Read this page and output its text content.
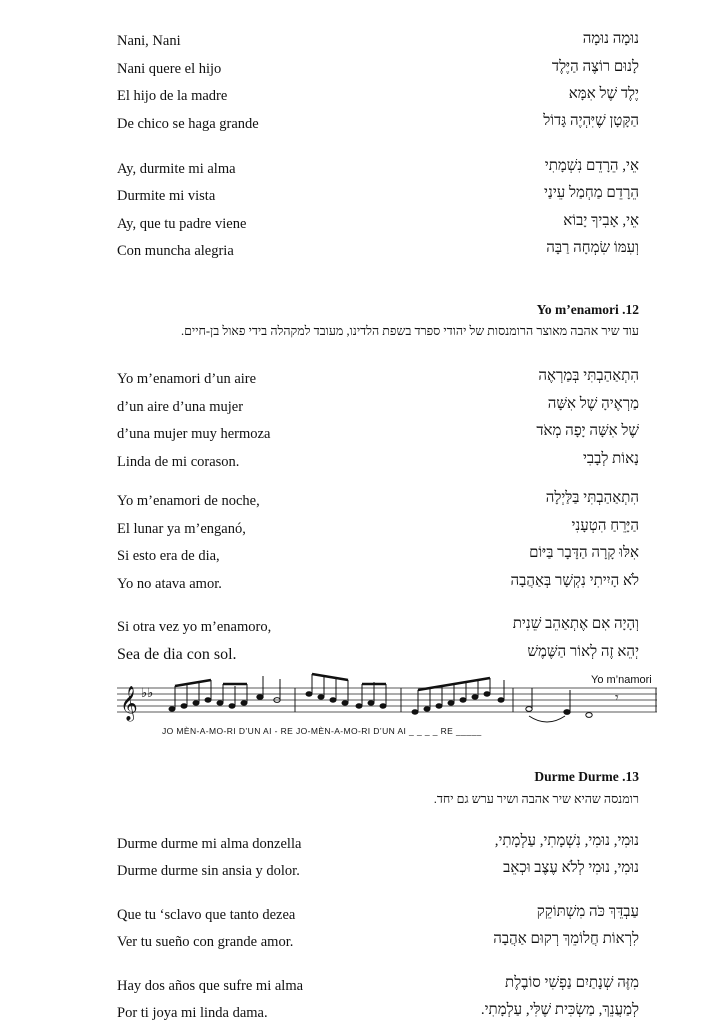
Nani, Nani	נוּמָה נוּמָה
Nani quere el hijo	לָנוּם רוֹצֶה הַיֶּלֶד
El hijo de la madre	יֶלֶד שֶׁל אִמָּא
De chico se haga grande	הַקָּטָן שֶׁיִּהְיֶה גָּדוֹל
Ay, durmite mi alma	אֵי, הֵרָדֵם נִשְׁמָתִי
Durmite mi vista	הֵרָדֵם מַחְמַל עֵינַי
Ay, que tu padre viene	אֵי, אָבִיךָ יָבוֹא
Con muncha alegria	וְעִמּוֹ שִׂמְחָה רַבָּה
Yo m’enamori .12
עוד שיר אהבה מאוצר הרומנסות של יהודי ספרד בשפת הלדינו, מעובד למקהלה בידי פאול בן-חיים.
Yo m’enamori d’un aire	הִתְאַהַבְתִּי בְּמַרְאֶה
d’un aire d’una mujer	מַרְאֶיהָ שֶׁל אִשָּׁה
d’una mujer muy hermoza	שֶׁל אִשָּׁה יָפָה מְאֹד
Linda de mi corason.	נָאוֹת לְבָבִי
Yo m’enamori de noche,	הִתְאַהַבְתִּי בַּלַּיְלָה
El lunar ya m’enganó,	הַיָּרֵחַ הִטְעָנִי
Si esto era de dia,	אִלּוּ קָרָה הַדָּבָר בַּיּוֹם
Yo no atava amor.	לֹא הָיִיתִי נִקְשָׁר בְּאַהֲבָה
Si otra vez yo m’enamoro,	וְהָיָה אִם אֶתְאַהֵב שֵׁנִית
Sea de dia con sol.	יְהֵא זֶה לְאוֹר הַשֶּׁמֶשׁ
Yo m’namori
𝄞 ♭♭	𝄾
JO MÈN-A-MO-RI D’UN AI - RE JO-MÈN-A-MO-RI D’UN AI _ _ _ _ RE _____
Durme Durme .13
רומנסה שהיא שיר אהבה ושיר ערש גם יחד.
Durme durme mi alma donzella	נוּמִי, נוּמִי, נִשְׁמָתִי, עַלְמָתִי,
Durme durme sin ansia y dolor.	נוּמִי, נוּמִי לְלֹא עֶצֶב וּכְאֵב
Que tu ‘sclavo que tanto dezea	עַבְדֵּךְ כֹּה מִשְׁתּוֹקֵק
Ver tu sueño con grande amor.	לִרְאוֹת חֲלוֹמֵךְ רְקוּם אַהֲבָה
Hay dos años que sufre mi alma	מִזֶּה שְׁנָתַיִם נַפְשִׁי סוֹבֶלֶת
Por ti joya mi linda dama.	לְמַעֲנֵךְ, מַשְׂכִּית שֶׁלִּי, עַלְמָתִי.
